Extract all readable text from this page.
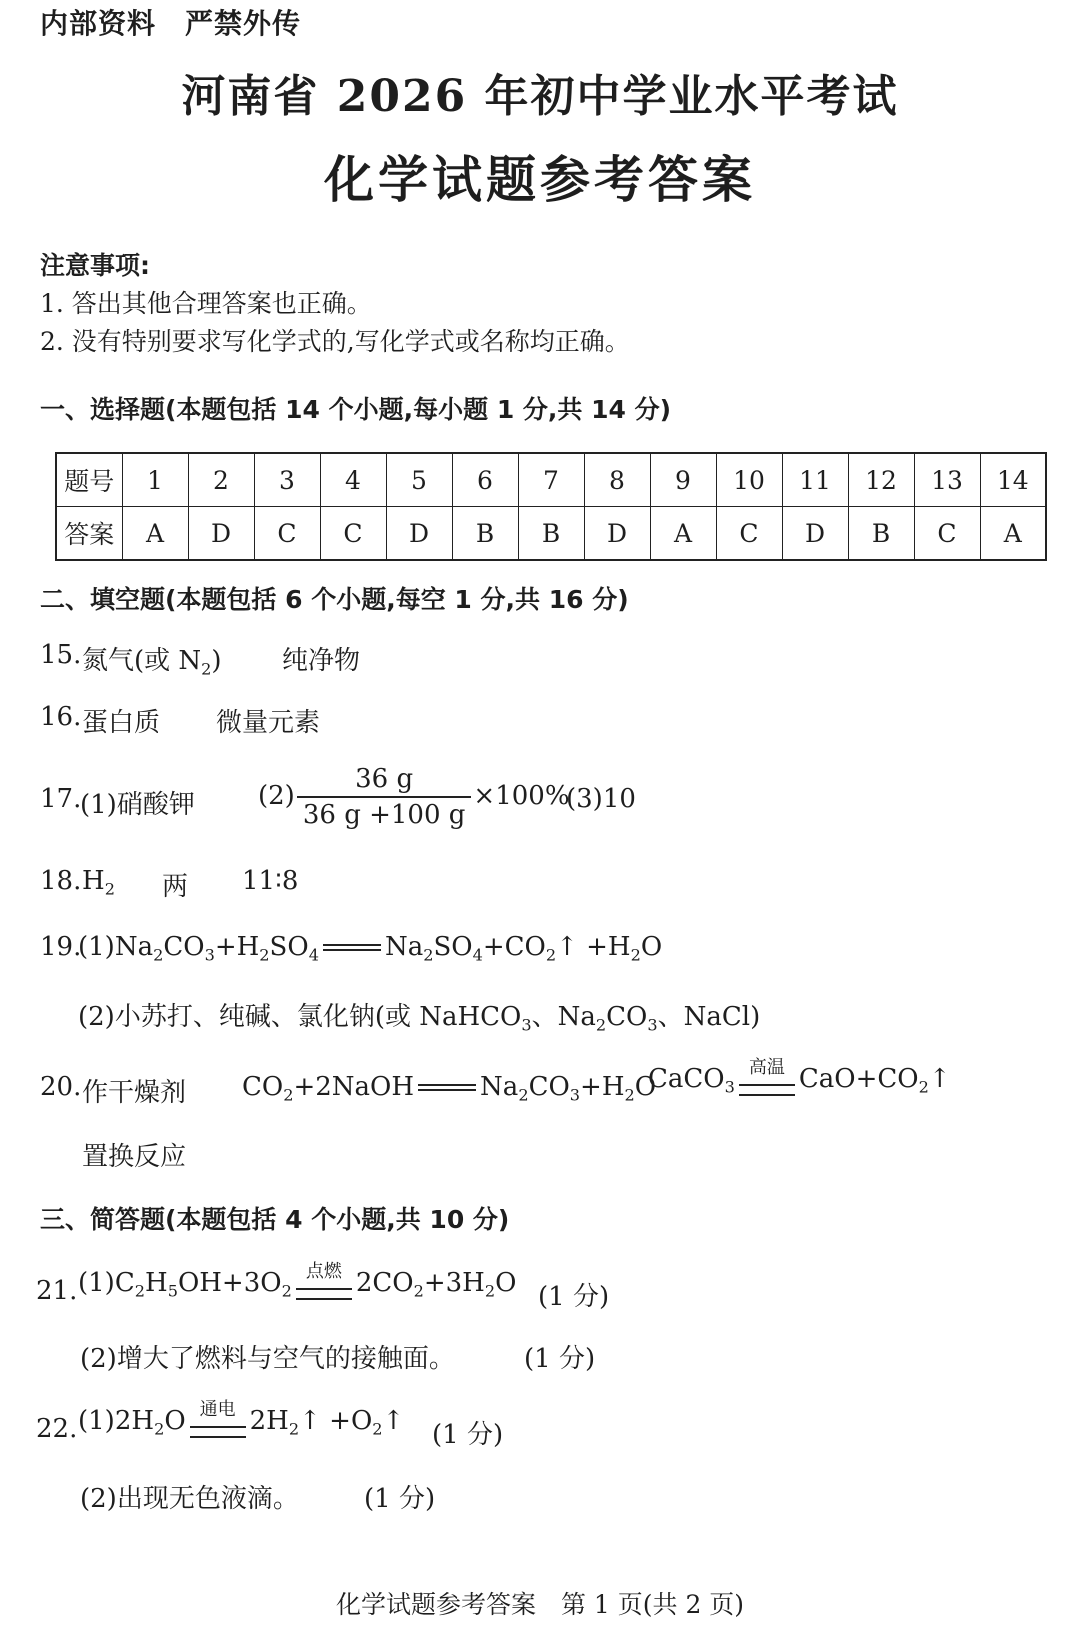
内部资料　严禁外传
河南省 2026 年初中学业水平考试
化学试题参考答案
注意事项:
1. 答出其他合理答案也正确。
2. 没有特别要求写化学式的,写化学式或名称均正确。
一、选择题(本题包括 14 个小题,每小题 1 分,共 14 分)
题号	1	2	3	4	5	6	7	8	9	10	11	12	13	14
答案	A	D	C	C	D	B	B	D	A	C	D	B	C	A
二、填空题(本题包括 6 个小题,每空 1 分,共 16 分)
15. 氮气(或 $N_2$) 纯净物
16. 蛋白质 微量元素
17.
(1)硝酸钾 $(2) \frac{36 g}{36 g +100 g} \times 100\%$
(3)10
18. $H_2$ 两 11∶8
19.
$(1)Na_2CO_3+H_2SO_4$	$Na_2SO_4+CO_2↑ +H_2O$
(2)小苏打、纯碱、氯化钠(或 NaHCO$_3$、$Na_2CO_3$、NaCl)
20. 作干燥剂 $CO_2+2NaOH$	$Na_2CO_3+H_2O$
CaCO$_3$
高温 $CaO+CO_2↑$
置换反应
三、简答题(本题包括 4 个小题,共 10 分)
21. $(1)C_2H_5OH+3O_2$
点燃 $2CO_2+3H_2O$ (1 分)
(2)增大了燃料与空气的接触面。	(1 分)
22. $(1)2H_2O$ 通电 $2H_2↑$ $+O_2↑$ (1 分)
(2)出现无色液滴。	(1 分)
化学试题参考答案　第 1 页(共 2 页)
